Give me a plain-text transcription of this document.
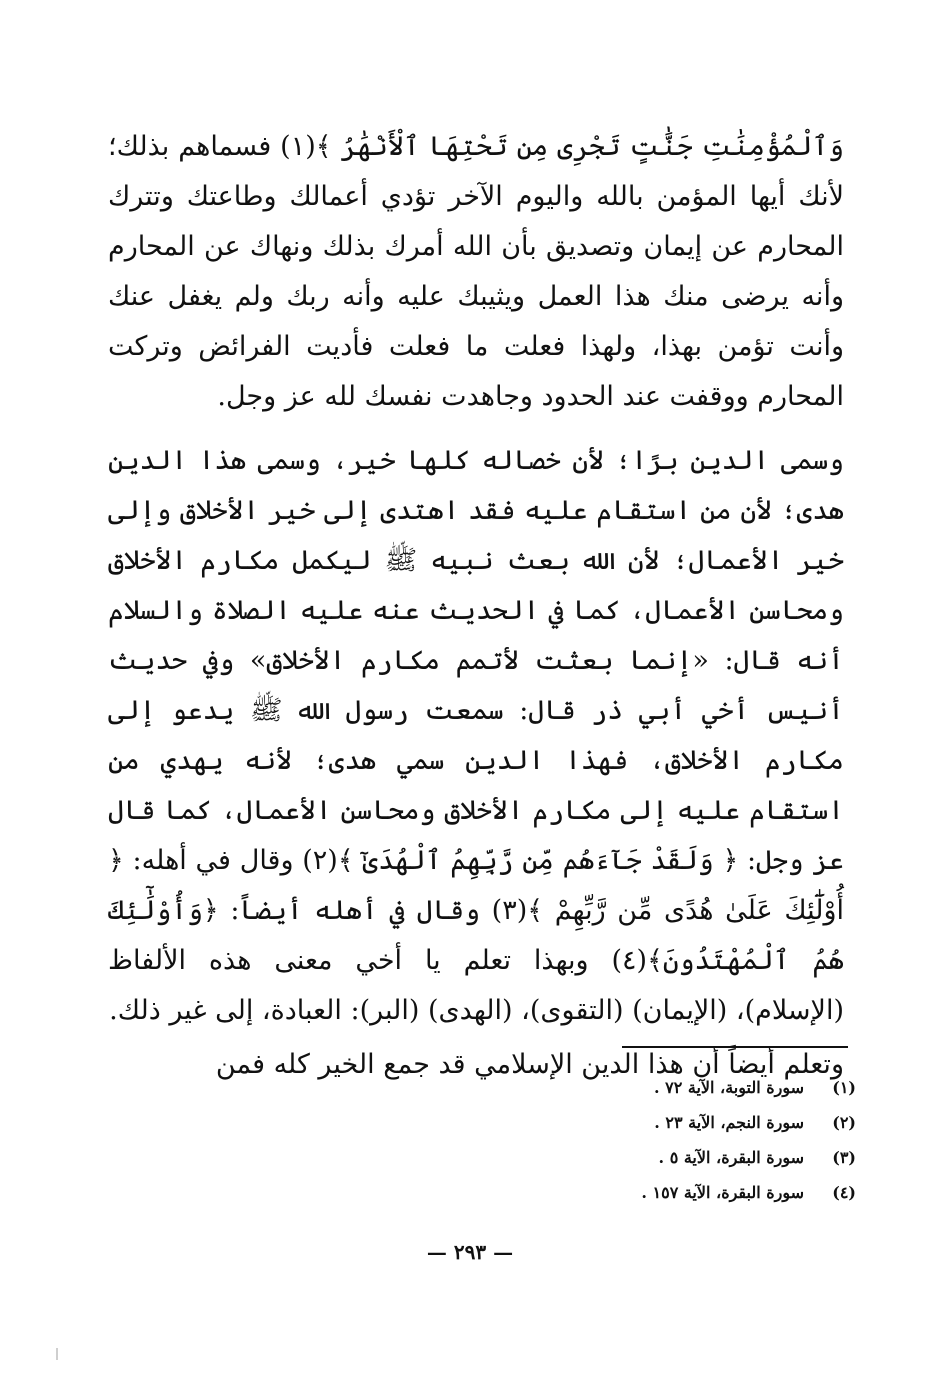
وَٱلْمُؤْمِنَٰتِ جَنَّٰتٍ تَجْرِى مِن تَحْتِهَا ٱلْأَنْهَٰرُ ﴾(١) فسماهم بذلك؛ لأنك أيها المؤمن بالله واليوم الآخر تؤدي أعمالك وطاعتك وتترك المحارم عن إيمان وتصديق بأن الله أمرك بذلك ونهاك عن المحارم وأنه يرضى منك هذا العمل ويثيبك عليه وأنه ربك ولم يغفل عنك وأنت تؤمن بهذا، ولهذا فعلت ما فعلت فأديت الفرائض وتركت المحارم ووقفت عند الحدود وجاهدت نفسك لله عز وجل.

وسمى الدين برًا؛ لأن خصاله كلها خير، وسمى هذا الدين هدى؛ لأن من استقام عليه فقد اهتدى إلى خير الأخلاق وإلى خير الأعمال؛ لأن الله بعث نبيه ﷺ ليكمل مكارم الأخلاق ومحاسن الأعمال، كما في الحديث عنه عليه الصلاة والسلام أنه قال: «إنما بعثت لأتمم مكارم الأخلاق» وفي حديث أنيس أخي أبي ذر قال: سمعت رسول الله ﷺ يدعو إلى مكارم الأخلاق، فهذا الدين سمي هدى؛ لأنه يهدي من استقام عليه إلى مكارم الأخلاق ومحاسن الأعمال، كما قال عز وجل: ﴿ وَلَقَدْ جَآءَهُم مِّن رَّبِّهِمُ ٱلْهُدَىٰٓ ﴾(٢) وقال في أهله: ﴿ أُوْلَٰٓئِكَ عَلَىٰ هُدًى مِّن رَّبِّهِمْ ﴾(٣) وقال في أهله أيضاً: ﴿وَأُوْلَٰٓئِكَ هُمُ ٱلْمُهْتَدُونَ﴾(٤) وبهذا تعلم يا أخي معنى هذه الألفاظ (الإسلام)، (الإيمان) (التقوى)، (الهدى) (البر): العبادة، إلى غير ذلك.

وتعلم أيضاً أن هذا الدين الإسلامي قد جمع الخير كله فمن

(١)
سورة التوبة، الآية ٧٢ .
(٢)
سورة النجم، الآية ٢٣ .
(٣)
سورة البقرة، الآية ٥ .
(٤)
سورة البقرة، الآية ١٥٧ .
— ٢٩٣ —
